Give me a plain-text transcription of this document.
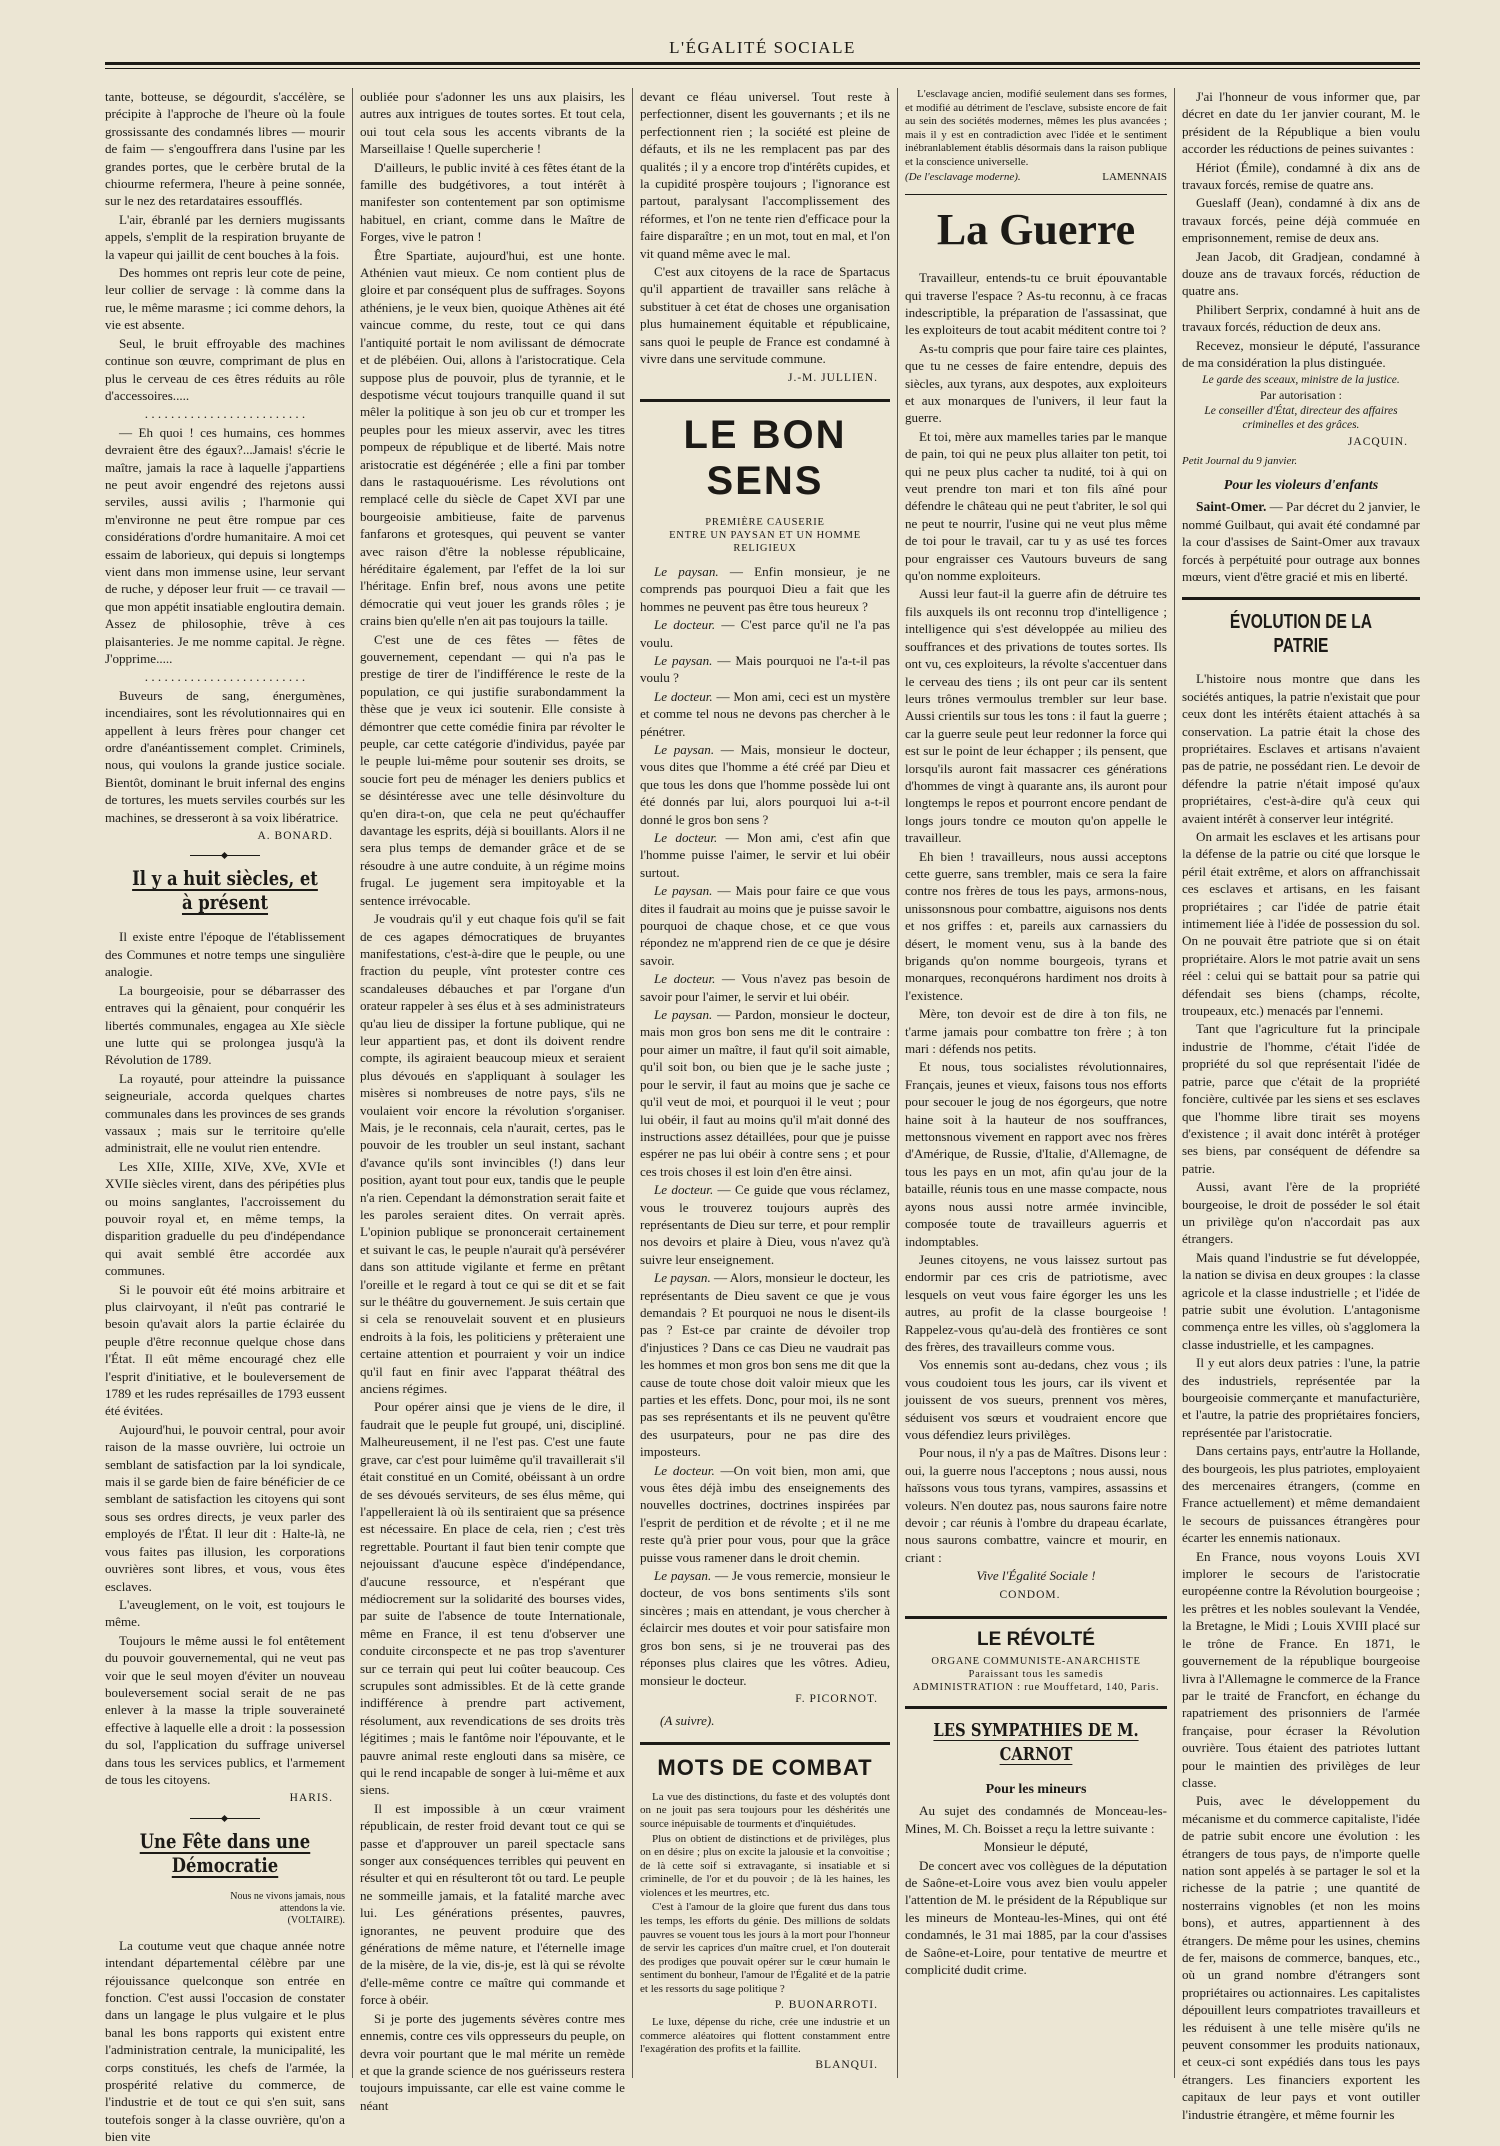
L'ÉGALITÉ SOCIALE

tante, botteuse, se dégourdit, s'accélère, se précipite à l'approche de l'heure où la foule grossissante des condamnés libres — mourir de faim — s'engouffrera dans l'usine par les grandes portes, que le cerbère brutal de la chiourme refermera, l'heure à peine sonnée, sur le nez des retardataires essoufflés.

L'air, ébranlé par les derniers mugissants appels, s'emplit de la respiration bruyante de la vapeur qui jaillit de cent bouches à la fois.

Des hommes ont repris leur cote de peine, leur collier de servage : là comme dans la rue, le même marasme ; ici comme dehors, la vie est absente.

Seul, le bruit effroyable des machines continue son œuvre, comprimant de plus en plus le cerveau de ces êtres réduits au rôle d'accessoires.....

. . . . . . . . . . . . . . . . . . . . . . . . .

— Eh quoi ! ces humains, ces hommes devraient être des égaux?...Jamais! s'écrie le maître, jamais la race à laquelle j'appartiens ne peut avoir engendré des rejetons aussi serviles, aussi avilis ; l'harmonie qui m'environne ne peut être rompue par ces considérations d'ordre humanitaire. A moi cet essaim de laborieux, qui depuis si longtemps vient dans mon immense usine, leur servant de ruche, y déposer leur fruit — ce travail — que mon appétit insatiable engloutira demain. Assez de philosophie, trêve à ces plaisanteries. Je me nomme capital. Je règne. J'opprime.....

. . . . . . . . . . . . . . . . . . . . . . . . .

Buveurs de sang, énergumènes, incendiaires, sont les révolutionnaires qui en appellent à leurs frères pour changer cet ordre d'anéantissement complet. Criminels, nous, qui voulons la grande justice sociale. Bientôt, dominant le bruit infernal des engins de tortures, les muets serviles courbés sur les machines, se dresseront à sa voix libératrice.

A. BONARD.
Il y a huit siècles, et à présent

Il existe entre l'époque de l'établissement des Communes et notre temps une singulière analogie.

La bourgeoisie, pour se débarrasser des entraves qui la gênaient, pour conquérir les libertés communales, engagea au XIe siècle une lutte qui se prolongea jusqu'à la Révolution de 1789.

La royauté, pour atteindre la puissance seigneuriale, accorda quelques chartes communales dans les provinces de ses grands vassaux ; mais sur le territoire qu'elle administrait, elle ne voulut rien entendre.

Les XIIe, XIIIe, XIVe, XVe, XVIe et XVIIe siècles virent, dans des péripéties plus ou moins sanglantes, l'accroissement du pouvoir royal et, en même temps, la disparition graduelle du peu d'indépendance qui avait semblé être accordée aux communes.

Si le pouvoir eût été moins arbitraire et plus clairvoyant, il n'eût pas contrarié le besoin qu'avait alors la partie éclairée du peuple d'être reconnue quelque chose dans l'État. Il eût même encouragé chez elle l'esprit d'initiative, et le bouleversement de 1789 et les rudes représailles de 1793 eussent été évitées.

Aujourd'hui, le pouvoir central, pour avoir raison de la masse ouvrière, lui octroie un semblant de satisfaction par la loi syndicale, mais il se garde bien de faire bénéficier de ce semblant de satisfaction les citoyens qui sont sous ses ordres directs, je veux parler des employés de l'État. Il leur dit : Halte-là, ne vous faites pas illusion, les corporations ouvrières sont libres, et vous, vous êtes esclaves.

L'aveuglement, on le voit, est toujours le même.

Toujours le même aussi le fol entêtement du pouvoir gouvernemental, qui ne veut pas voir que le seul moyen d'éviter un nouveau bouleversement social serait de ne pas enlever à la masse la triple souveraineté effective à laquelle elle a droit : la possession du sol, l'application du suffrage universel dans tous les services publics, et l'armement de tous les citoyens.

HARIS.
Une Fête dans une Démocratie
Nous ne vivons jamais, nous attendons la vie.
(VOLTAIRE).

La coutume veut que chaque année notre intendant départemental célèbre par une réjouissance quelconque son entrée en fonction. C'est aussi l'occasion de constater dans un langage le plus vulgaire et le plus banal les bons rapports qui existent entre l'administration centrale, la municipalité, les corps constitués, les chefs de l'armée, la prospérité relative du commerce, de l'industrie et de tout ce qui s'en suit, sans toutefois songer à la classe ouvrière, qu'on a bien vite

oubliée pour s'adonner les uns aux plaisirs, les autres aux intrigues de toutes sortes. Et tout cela, oui tout cela sous les accents vibrants de la Marseillaise ! Quelle supercherie !

D'ailleurs, le public invité à ces fêtes étant de la famille des budgétivores, a tout intérêt à manifester son contentement par son optimisme habituel, en criant, comme dans le Maître de Forges, vive le patron !

Être Spartiate, aujourd'hui, est une honte. Athénien vaut mieux. Ce nom contient plus de gloire et par conséquent plus de suffrages. Soyons athéniens, je le veux bien, quoique Athènes ait été vaincue comme, du reste, tout ce qui dans l'antiquité portait le nom avilissant de démocrate et de plébéien. Oui, allons à l'aristocratique. Cela suppose plus de pouvoir, plus de tyrannie, et le despotisme vécut toujours tranquille quand il sut mêler la politique à son jeu ob cur et tromper les peuples pour les mieux asservir, avec les titres pompeux de république et de liberté. Mais notre aristocratie est dégénérée ; elle a fini par tomber dans le rastaquouérisme. Les révolutions ont remplacé celle du siècle de Capet XVI par une bourgeoisie ambitieuse, faite de parvenus fanfarons et grotesques, qui peuvent se vanter avec raison d'être la noblesse républicaine, héréditaire également, par l'effet de la loi sur l'héritage. Enfin bref, nous avons une petite démocratie qui veut jouer les grands rôles ; je crains bien qu'elle n'en ait pas toujours la taille.

C'est une de ces fêtes — fêtes de gouvernement, cependant — qui n'a pas le prestige de tirer de l'indifférence le reste de la population, ce qui justifie surabondamment la thèse que je veux ici soutenir. Elle consiste à démontrer que cette comédie finira par révolter le peuple, car cette catégorie d'individus, payée par le peuple lui-même pour soutenir ses droits, se soucie fort peu de ménager les deniers publics et se désintéresse avec une telle désinvolture du qu'en dira-t-on, que cela ne peut qu'échauffer davantage les esprits, déjà si bouillants. Alors il ne sera plus temps de demander grâce et de se résoudre à une autre conduite, à un régime moins frugal. Le jugement sera impitoyable et la sentence irrévocable.

Je voudrais qu'il y eut chaque fois qu'il se fait de ces agapes démocratiques de bruyantes manifestations, c'est-à-dire que le peuple, ou une fraction du peuple, vînt protester contre ces scandaleuses débauches et par l'organe d'un orateur rappeler à ses élus et à ses administrateurs qu'au lieu de dissiper la fortune publique, qui ne leur appartient pas, et dont ils doivent rendre compte, ils agiraient beaucoup mieux et seraient plus dévoués en s'appliquant à soulager les misères si nombreuses de notre pays, s'ils ne voulaient voir encore la révolution s'organiser. Mais, je le reconnais, cela n'aurait, certes, pas le pouvoir de les troubler un seul instant, sachant d'avance qu'ils sont invincibles (!) dans leur position, ayant tout pour eux, tandis que le peuple n'a rien. Cependant la démonstration serait faite et les paroles seraient dites. On verrait après. L'opinion publique se prononcerait certainement et suivant le cas, le peuple n'aurait qu'à persévérer dans son attitude vigilante et ferme en prêtant l'oreille et le regard à tout ce qui se dit et se fait sur le théâtre du gouvernement. Je suis certain que si cela se renouvelait souvent et en plusieurs endroits à la fois, les politiciens y prêteraient une certaine attention et pourraient y voir un indice qu'il faut en finir avec l'apparat théâtral des anciens régimes.

Pour opérer ainsi que je viens de le dire, il faudrait que le peuple fut groupé, uni, discipliné. Malheureusement, il ne l'est pas. C'est une faute grave, car c'est pour luimême qu'il travaillerait s'il était constitué en un Comité, obéissant à un ordre de ses dévoués serviteurs, de ses élus même, qui l'appelleraient là où ils sentiraient que sa présence est nécessaire. En place de cela, rien ; c'est très regrettable. Pourtant il faut bien tenir compte que nejouissant d'aucune espèce d'indépendance, d'aucune ressource, et n'espérant que médiocrement sur la solidarité des bourses vides, par suite de l'absence de toute Internationale, même en France, il est tenu d'observer une conduite circonspecte et ne pas trop s'aventurer sur ce terrain qui peut lui coûter beaucoup. Ces scrupules sont admissibles. Et de là cette grande indifférence à prendre part activement, résolument, aux revendications de ses droits très légitimes ; mais le fantôme noir l'épouvante, et le pauvre animal reste englouti dans sa misère, ce qui le rend incapable de songer à lui-même et aux siens.

Il est impossible à un cœur vraiment républicain, de rester froid devant tout ce qui se passe et d'approuver un pareil spectacle sans songer aux conséquences terribles qui peuvent en résulter et qui en résulteront tôt ou tard. Le peuple ne sommeille jamais, et la fatalité marche avec lui. Les générations présentes, pauvres, ignorantes, ne peuvent produire que des générations de même nature, et l'éternelle image de la misère, de la vie, dis-je, est là qui se révolte d'elle-même contre ce maître qui commande et force à obéir.

Si je porte des jugements sévères contre mes ennemis, contre ces vils oppresseurs du peuple, on devra voir pourtant que le mal mérite un remède et que la grande science de nos guérisseurs restera toujours impuissante, car elle est vaine comme le néant

devant ce fléau universel. Tout reste à perfectionner, disent les gouvernants ; et ils ne perfectionnent rien ; la société est pleine de défauts, et ils ne les remplacent pas par des qualités ; il y a encore trop d'intérêts cupides, et la cupidité prospère toujours ; l'ignorance est partout, paralysant l'accomplissement des réformes, et l'on ne tente rien d'efficace pour la faire disparaître ; en un mot, tout en mal, et l'on vit quand même avec le mal.

C'est aux citoyens de la race de Spartacus qu'il appartient de travailler sans relâche à substituer à cet état de choses une organisation plus humainement équitable et républicaine, sans quoi le peuple de France est condamné à vivre dans une servitude commune.

J.-M. JULLIEN.
LE BON SENS
PREMIÈRE CAUSERIE
ENTRE UN PAYSAN ET UN HOMME RELIGIEUX

Le paysan. — Enfin monsieur, je ne comprends pas pourquoi Dieu a fait que les hommes ne peuvent pas être tous heureux ?

Le docteur. — C'est parce qu'il ne l'a pas voulu.

Le paysan. — Mais pourquoi ne l'a-t-il pas voulu ?

Le docteur. — Mon ami, ceci est un mystère et comme tel nous ne devons pas chercher à le pénétrer.

Le paysan. — Mais, monsieur le docteur, vous dites que l'homme a été créé par Dieu et que tous les dons que l'homme possède lui ont été donnés par lui, alors pourquoi lui a-t-il donné le gros bon sens ?

Le docteur. — Mon ami, c'est afin que l'homme puisse l'aimer, le servir et lui obéir surtout.

Le paysan. — Mais pour faire ce que vous dites il faudrait au moins que je puisse savoir le pourquoi de chaque chose, et ce que vous répondez ne m'apprend rien de ce que je désire savoir.

Le docteur. — Vous n'avez pas besoin de savoir pour l'aimer, le servir et lui obéir.

Le paysan. — Pardon, monsieur le docteur, mais mon gros bon sens me dit le contraire : pour aimer un maître, il faut qu'il soit aimable, qu'il soit bon, ou bien que je le sache juste ; pour le servir, il faut au moins que je sache ce qu'il veut de moi, et pourquoi il le veut ; pour lui obéir, il faut au moins qu'il m'ait donné des instructions assez détaillées, pour que je puisse espérer ne pas lui obéir à contre sens ; et pour ces trois choses il est loin d'en être ainsi.

Le docteur. — Ce guide que vous réclamez, vous le trouverez toujours auprès des représentants de Dieu sur terre, et pour remplir nos devoirs et plaire à Dieu, vous n'avez qu'à suivre leur enseignement.

Le paysan. — Alors, monsieur le docteur, les représentants de Dieu savent ce que je vous demandais ? Et pourquoi ne nous le disent-ils pas ? Est-ce par crainte de dévoiler trop d'injustices ? Dans ce cas Dieu ne vaudrait pas les hommes et mon gros bon sens me dit que la cause de toute chose doit valoir mieux que les parties et les effets. Donc, pour moi, ils ne sont pas ses représentants et ils ne peuvent qu'être des usurpateurs, pour ne pas dire des imposteurs.

Le docteur. —On voit bien, mon ami, que vous êtes déjà imbu des enseignements des nouvelles doctrines, doctrines inspirées par l'esprit de perdition et de révolte ; et il ne me reste qu'à prier pour vous, pour que la grâce puisse vous ramener dans le droit chemin.

Le paysan. — Je vous remercie, monsieur le docteur, de vos bons sentiments s'ils sont sincères ; mais en attendant, je vous chercher à éclaircir mes doutes et voir pour satisfaire mon gros bon sens, si je ne trouverai pas des réponses plus claires que les vôtres. Adieu, monsieur le docteur.

F. PICORNOT.

(A suivre).

MOTS DE COMBAT

La vue des distinctions, du faste et des voluptés dont on ne jouit pas sera toujours pour les déshérités une source inépuisable de tourments et d'inquiétudes.

Plus on obtient de distinctions et de privilèges, plus on en désire ; plus on excite la jalousie et la convoitise ; de là cette soif si extravagante, si insatiable et si criminelle, de l'or et du pouvoir ; de là les haines, les violences et les meurtres, etc.

C'est à l'amour de la gloire que furent dus dans tous les temps, les efforts du génie. Des millions de soldats pauvres se vouent tous les jours à la mort pour l'honneur de servir les caprices d'un maître cruel, et l'on douterait des prodiges que pouvait opérer sur le cœur humain le sentiment du bonheur, l'amour de l'Égalité et de la patrie et les ressorts du sage politique ?

P. BUONARROTI.

Le luxe, dépense du riche, crée une industrie et un commerce aléatoires qui flottent constamment entre l'exagération des profits et la faillite.

BLANQUI.

L'esclavage ancien, modifié seulement dans ses formes, et modifié au détriment de l'esclave, subsiste encore de fait au sein des sociétés modernes, mêmes les plus avancées ; mais il y est en contradiction avec l'idée et le sentiment inébranlablement établis désormais dans la raison publique et la conscience universelle.

(De l'esclavage moderne).	LAMENNAIS

La Guerre

Travailleur, entends-tu ce bruit épouvantable qui traverse l'espace ? As-tu reconnu, à ce fracas indescriptible, la préparation de l'assassinat, que les exploiteurs de tout acabit méditent contre toi ?

As-tu compris que pour faire taire ces plaintes, que tu ne cesses de faire entendre, depuis des siècles, aux tyrans, aux despotes, aux exploiteurs et aux monarques de l'univers, il leur faut la guerre.

Et toi, mère aux mamelles taries par le manque de pain, toi qui ne peux plus allaiter ton petit, toi qui ne peux plus cacher ta nudité, toi à qui on veut prendre ton mari et ton fils aîné pour défendre le château qui ne peut t'abriter, le sol qui ne peut te nourrir, l'usine qui ne veut plus même de toi pour le travail, car tu y as usé tes forces pour engraisser ces Vautours buveurs de sang qu'on nomme exploiteurs.

Aussi leur faut-il la guerre afin de détruire tes fils auxquels ils ont reconnu trop d'intelligence ; intelligence qui s'est développée au milieu des souffrances et des privations de toutes sortes. Ils ont vu, ces exploiteurs, la révolte s'accentuer dans le cerveau des tiens ; ils ont peur car ils sentent leurs trônes vermoulus trembler sur leur base. Aussi crientils sur tous les tons : il faut la guerre ; car la guerre seule peut leur redonner la force qui est sur le point de leur échapper ; ils pensent, que lorsqu'ils auront fait massacrer ces générations d'hommes de vingt à quarante ans, ils auront pour longtemps le repos et pourront encore pendant de longs jours tondre ce mouton qu'on appelle le travailleur.

Eh bien ! travailleurs, nous aussi acceptons cette guerre, sans trembler, mais ce sera la faire contre nos frères de tous les pays, armons-nous, unissonsnous pour combattre, aiguisons nos dents et nos griffes : et, pareils aux carnassiers du désert, le moment venu, sus à la bande des brigands qu'on nomme bourgeois, tyrans et monarques, reconquérons hardiment nos droits à l'existence.

Mère, ton devoir est de dire à ton fils, ne t'arme jamais pour combattre ton frère ; à ton mari : défends nos petits.

Et nous, tous socialistes révolutionnaires, Français, jeunes et vieux, faisons tous nos efforts pour secouer le joug de nos égorgeurs, que notre haine soit à la hauteur de nos souffrances, mettonsnous vivement en rapport avec nos frères d'Amérique, de Russie, d'Italie, d'Allemagne, de tous les pays en un mot, afin qu'au jour de la bataille, réunis tous en une masse compacte, nous ayons nous aussi notre armée invincible, composée toute de travailleurs aguerris et indomptables.

Jeunes citoyens, ne vous laissez surtout pas endormir par ces cris de patriotisme, avec lesquels on veut vous faire égorger les uns les autres, au profit de la classe bourgeoise ! Rappelez-vous qu'au-delà des frontières ce sont des frères, des travailleurs comme vous.

Vos ennemis sont au-dedans, chez vous ; ils vous coudoient tous les jours, car ils vivent et jouissent de vos sueurs, prennent vos mères, séduisent vos sœurs et voudraient encore que vous défendiez leurs privilèges.

Pour nous, il n'y a pas de Maîtres. Disons leur : oui, la guerre nous l'acceptons ; nous aussi, nous haïssons vous tous tyrans, vampires, assassins et voleurs. N'en doutez pas, nous saurons faire notre devoir ; car réunis à l'ombre du drapeau écarlate, nous saurons combattre, vaincre et mourir, en criant :

Vive l'Égalité Sociale !

CONDOM.
LE RÉVOLTÉ
ORGANE COMMUNISTE-ANARCHISTE
Paraissant tous les samedis
ADMINISTRATION : rue Mouffetard, 140, Paris.
LES SYMPATHIES DE M. CARNOT
Pour les mineurs

Au sujet des condamnés de Monceau-les-Mines, M. Ch. Boisset a reçu la lettre suivante :

Monsieur le député,

De concert avec vos collègues de la députation de Saône-et-Loire vous avez bien voulu appeler l'attention de M. le président de la République sur les mineurs de Monteau-les-Mines, qui ont été condamnés, le 31 mai 1885, par la cour d'assises de Saône-et-Loire, pour tentative de meurtre et complicité dudit crime.

J'ai l'honneur de vous informer que, par décret en date du 1er janvier courant, M. le président de la République a bien voulu accorder les réductions de peines suivantes :

Hériot (Émile), condamné à dix ans de travaux forcés, remise de quatre ans.

Gueslaff (Jean), condamné à dix ans de travaux forcés, peine déjà commuée en emprisonnement, remise de deux ans.

Jean Jacob, dit Gradjean, condamné à douze ans de travaux forcés, réduction de quatre ans.

Philibert Serprix, condamné à huit ans de travaux forcés, réduction de deux ans.

Recevez, monsieur le député, l'assurance de ma considération la plus distinguée.

Le garde des sceaux, ministre de la justice.
Par autorisation :
Le conseiller d'État, directeur des affaires criminelles et des grâces.
JACQUIN.

Petit Journal du 9 janvier.

Pour les violeurs d'enfants

Saint-Omer. — Par décret du 2 janvier, le nommé Guilbaut, qui avait été condamné par la cour d'assises de Saint-Omer aux travaux forcés à perpétuité pour outrage aux bonnes mœurs, vient d'être gracié et mis en liberté.

ÉVOLUTION DE LA PATRIE

L'histoire nous montre que dans les sociétés antiques, la patrie n'existait que pour ceux dont les intérêts étaient attachés à sa conservation. La patrie était la chose des propriétaires. Esclaves et artisans n'avaient pas de patrie, ne possédant rien. Le devoir de défendre la patrie n'était imposé qu'aux propriétaires, c'est-à-dire qu'à ceux qui avaient intérêt à conserver leur intégrité.

On armait les esclaves et les artisans pour la défense de la patrie ou cité que lorsque le péril était extrême, et alors on affranchissait ces esclaves et artisans, en les faisant propriétaires ; car l'idée de patrie était intimement liée à l'idée de possession du sol. On ne pouvait être patriote que si on était propriétaire. Alors le mot patrie avait un sens réel : celui qui se battait pour sa patrie qui défendait ses biens (champs, récolte, troupeaux, etc.) menacés par l'ennemi.

Tant que l'agriculture fut la principale industrie de l'homme, c'était l'idée de propriété du sol que représentait l'idée de patrie, parce que c'était de la propriété foncière, cultivée par les siens et ses esclaves que l'homme libre tirait ses moyens d'existence ; il avait donc intérêt à protéger ses biens, par conséquent de défendre sa patrie.

Aussi, avant l'ère de la propriété bourgeoise, le droit de posséder le sol était un privilège qu'on n'accordait pas aux étrangers.

Mais quand l'industrie se fut développée, la nation se divisa en deux groupes : la classe agricole et la classe industrielle ; et l'idée de patrie subit une évolution. L'antagonisme commença entre les villes, où s'agglomera la classe industrielle, et les campagnes.

Il y eut alors deux patries : l'une, la patrie des industriels, représentée par la bourgeoisie commerçante et manufacturière, et l'autre, la patrie des propriétaires fonciers, représentée par l'aristocratie.

Dans certains pays, entr'autre la Hollande, des bourgeois, les plus patriotes, employaient des mercenaires étrangers, (comme en France actuellement) et même demandaient le secours de puissances étrangères pour écarter les ennemis nationaux.

En France, nous voyons Louis XVI implorer le secours de l'aristocratie européenne contre la Révolution bourgeoise ; les prêtres et les nobles soulevant la Vendée, la Bretagne, le Midi ; Louis XVIII placé sur le trône de France. En 1871, le gouvernement de la république bourgeoise livra à l'Allemagne le commerce de la France par le traité de Francfort, en échange du rapatriement des prisonniers de l'armée française, pour écraser la Révolution ouvrière. Tous étaient des patriotes luttant pour le maintien des privilèges de leur classe.

Puis, avec le développement du mécanisme et du commerce capitaliste, l'idée de patrie subit encore une évolution : les étrangers de tous pays, de n'importe quelle nation sont appelés à se partager le sol et la richesse de la patrie ; une quantité de nosterrains vignobles (et non les moins bons), et autres, appartiennent à des étrangers. De même pour les usines, chemins de fer, maisons de commerce, banques, etc., où un grand nombre d'étrangers sont propriétaires ou actionnaires. Les capitalistes dépouillent leurs compatriotes travailleurs et les réduisent à une telle misère qu'ils ne peuvent consommer les produits nationaux, et ceux-ci sont expédiés dans tous les pays étrangers. Les financiers exportent les capitaux de leur pays et vont outiller l'industrie étrangère, et même fournir les
